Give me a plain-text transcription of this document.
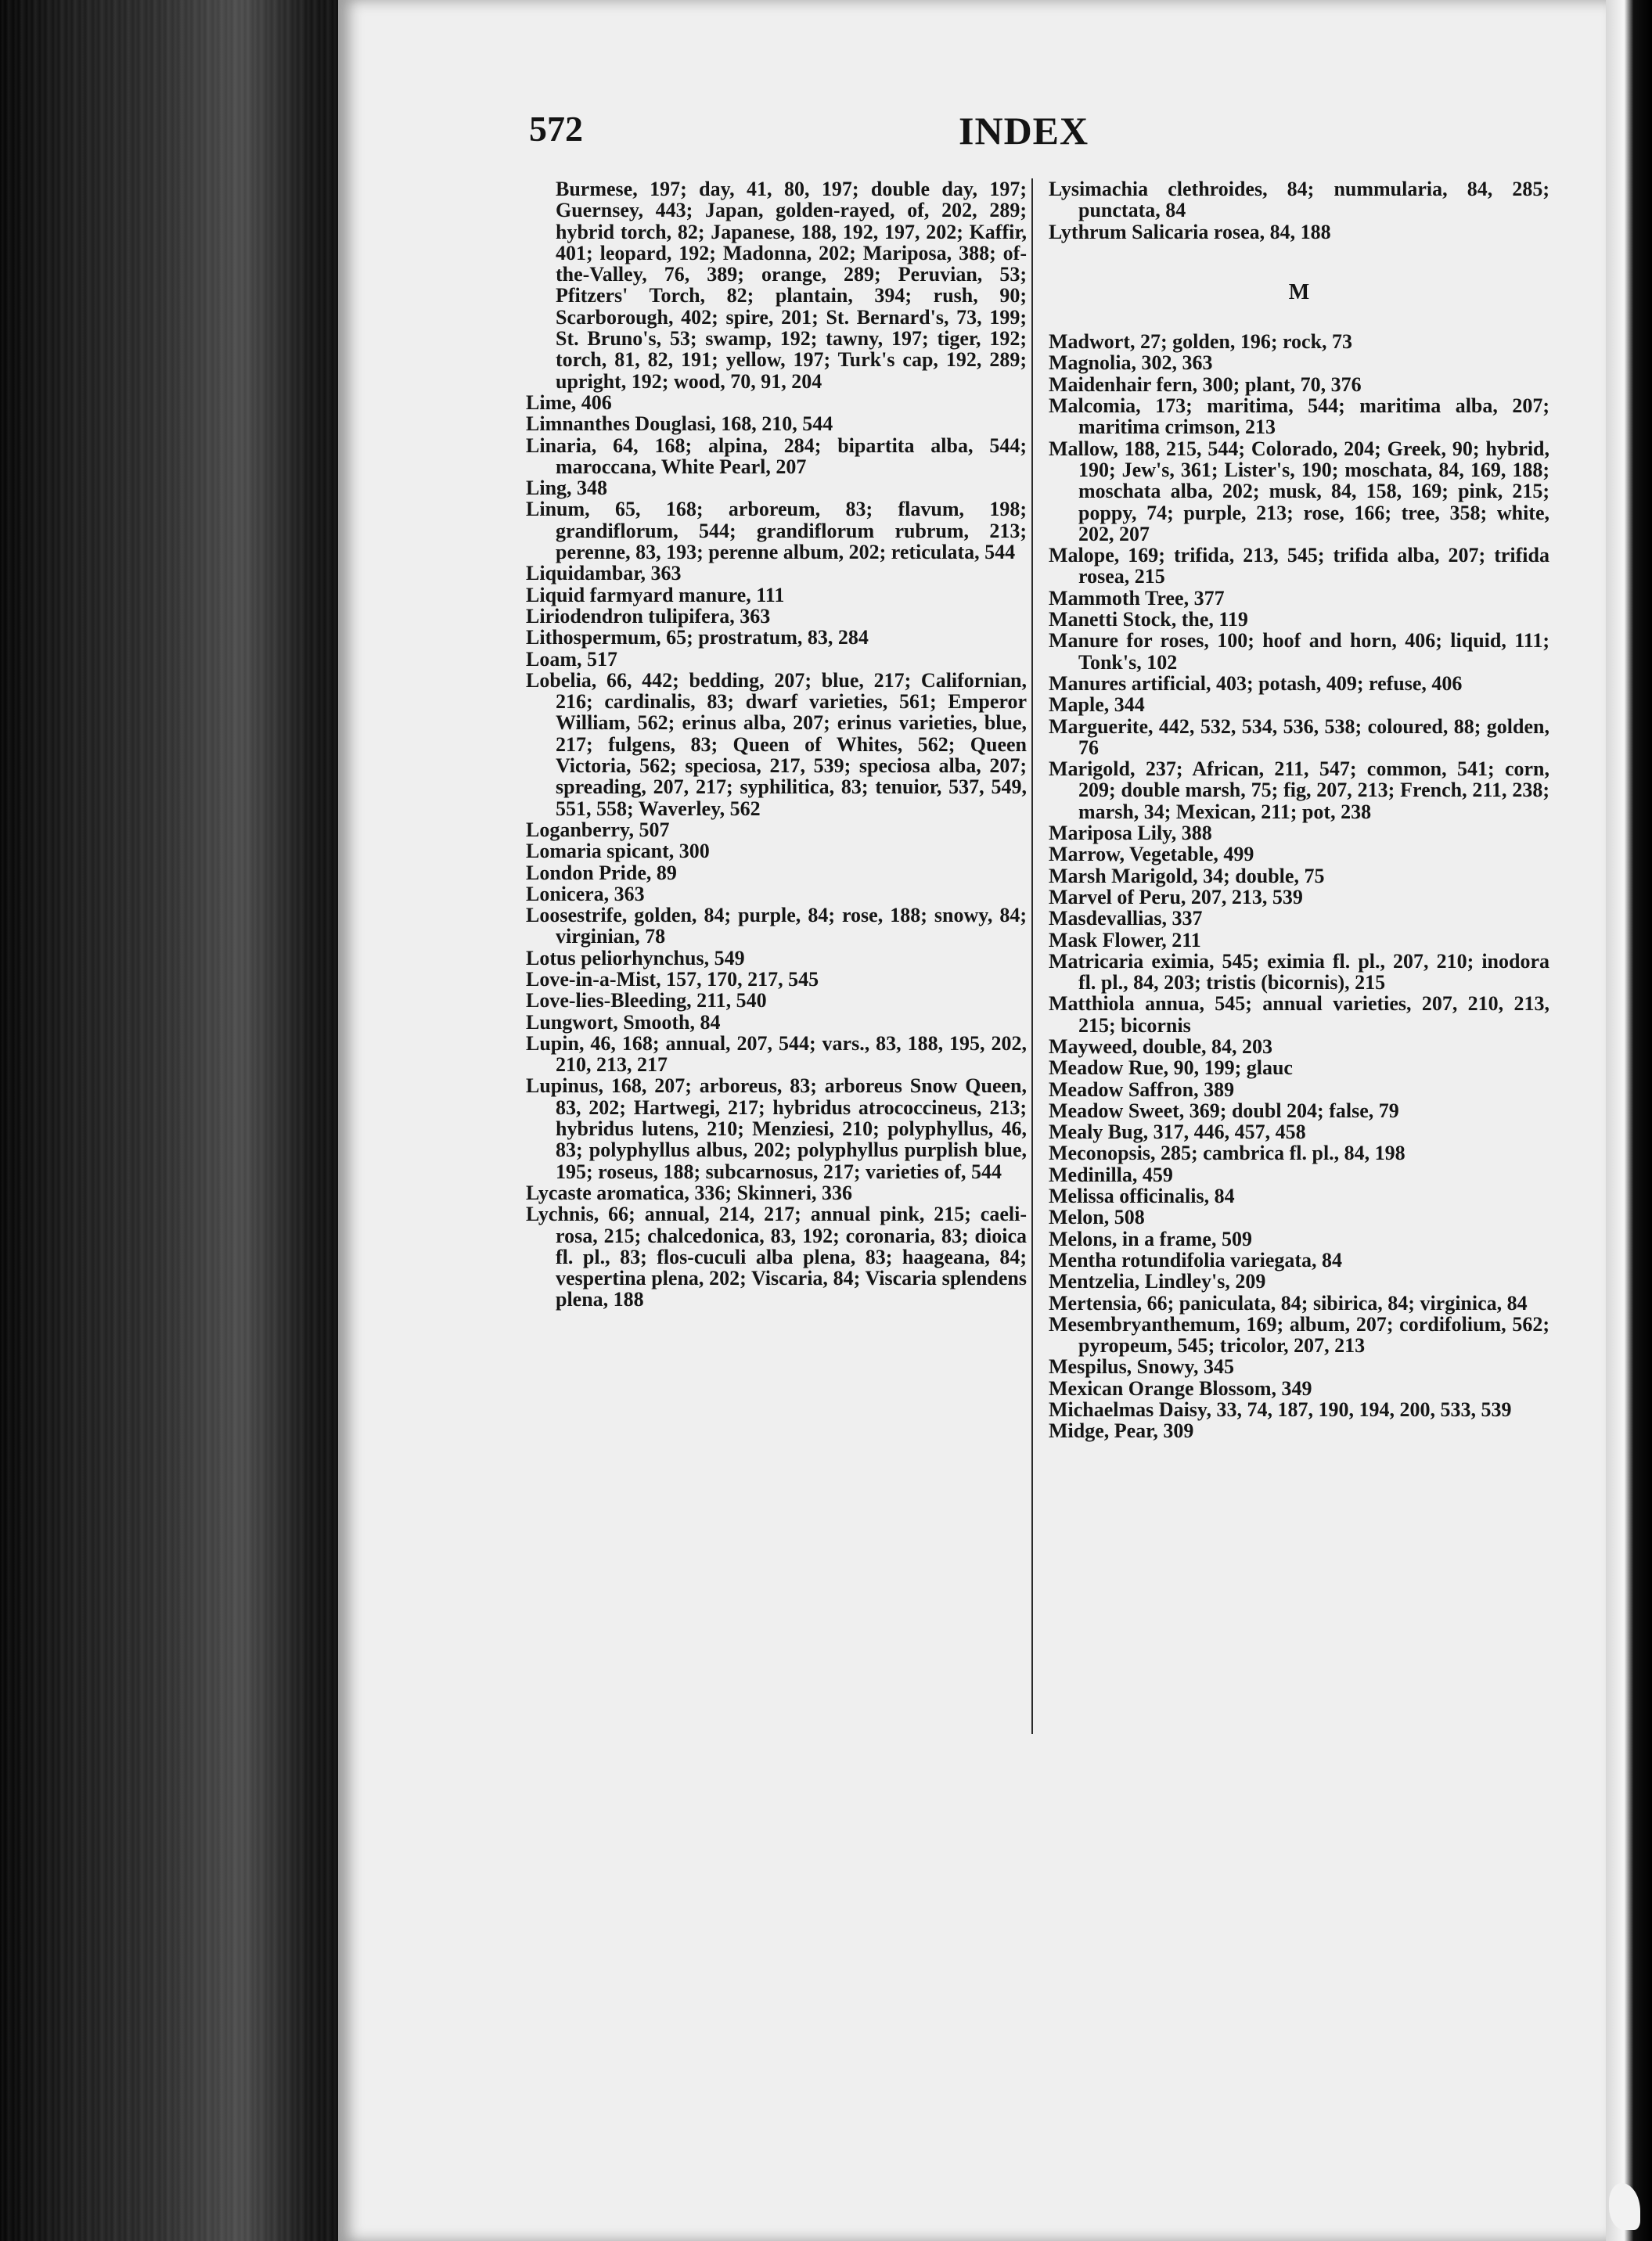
572	INDEX

Burmese, 197; day, 41, 80, 197; double day, 197; Guernsey, 443; Japan, golden-rayed, of, 202, 289; hybrid torch, 82; Japanese, 188, 192, 197, 202; Kaffir, 401; leopard, 192; Madonna, 202; Mariposa, 388; of-the-Valley, 76, 389; orange, 289; Peruvian, 53; Pfitzers' Torch, 82; plantain, 394; rush, 90; Scarborough, 402; spire, 201; St. Bernard's, 73, 199; St. Bruno's, 53; swamp, 192; tawny, 197; tiger, 192; torch, 81, 82, 191; yellow, 197; Turk's cap, 192, 289; upright, 192; wood, 70, 91, 204

Lime, 406

Limnanthes Douglasi, 168, 210, 544

Linaria, 64, 168; alpina, 284; bipartita alba, 544; maroccana, White Pearl, 207

Ling, 348

Linum, 65, 168; arboreum, 83; flavum, 198; grandiflorum, 544; grandiflorum rubrum, 213; perenne, 83, 193; perenne album, 202; reticulata, 544

Liquidambar, 363

Liquid farmyard manure, 111

Liriodendron tulipifera, 363

Lithospermum, 65; prostratum, 83, 284

Loam, 517

Lobelia, 66, 442; bedding, 207; blue, 217; Californian, 216; cardinalis, 83; dwarf varieties, 561; Emperor William, 562; erinus alba, 207; erinus varieties, blue, 217; fulgens, 83; Queen of Whites, 562; Queen Victoria, 562; speciosa, 217, 539; speciosa alba, 207; spreading, 207, 217; syphilitica, 83; tenuior, 537, 549, 551, 558; Waverley, 562

Loganberry, 507

Lomaria spicant, 300

London Pride, 89

Lonicera, 363

Loosestrife, golden, 84; purple, 84; rose, 188; snowy, 84; virginian, 78

Lotus peliorhynchus, 549

Love-in-a-Mist, 157, 170, 217, 545

Love-lies-Bleeding, 211, 540

Lungwort, Smooth, 84

Lupin, 46, 168; annual, 207, 544; vars., 83, 188, 195, 202, 210, 213, 217

Lupinus, 168, 207; arboreus, 83; arboreus Snow Queen, 83, 202; Hartwegi, 217; hybridus atrococcineus, 213; hybridus lutens, 210; Menziesi, 210; polyphyllus, 46, 83; polyphyllus albus, 202; polyphyllus purplish blue, 195; roseus, 188; subcarnosus, 217; varieties of, 544

Lycaste aromatica, 336; Skinneri, 336

Lychnis, 66; annual, 214, 217; annual pink, 215; caeli-rosa, 215; chalcedonica, 83, 192; coronaria, 83; dioica fl. pl., 83; flos-cuculi alba plena, 83; haageana, 84; vespertina plena, 202; Viscaria, 84; Viscaria splendens plena, 188

Lysimachia clethroides, 84; nummularia, 84, 285; punctata, 84

Lythrum Salicaria rosea, 84, 188

M

Madwort, 27; golden, 196; rock, 73

Magnolia, 302, 363

Maidenhair fern, 300; plant, 70, 376

Malcomia, 173; maritima, 544; maritima alba, 207; maritima crimson, 213

Mallow, 188, 215, 544; Colorado, 204; Greek, 90; hybrid, 190; Jew's, 361; Lister's, 190; moschata, 84, 169, 188; moschata alba, 202; musk, 84, 158, 169; pink, 215; poppy, 74; purple, 213; rose, 166; tree, 358; white, 202, 207

Malope, 169; trifida, 213, 545; trifida alba, 207; trifida rosea, 215

Mammoth Tree, 377

Manetti Stock, the, 119

Manure for roses, 100; hoof and horn, 406; liquid, 111; Tonk's, 102

Manures artificial, 403; potash, 409; refuse, 406

Maple, 344

Marguerite, 442, 532, 534, 536, 538; coloured, 88; golden, 76

Marigold, 237; African, 211, 547; common, 541; corn, 209; double marsh, 75; fig, 207, 213; French, 211, 238; marsh, 34; Mexican, 211; pot, 238

Mariposa Lily, 388

Marrow, Vegetable, 499

Marsh Marigold, 34; double, 75

Marvel of Peru, 207, 213, 539

Masdevallias, 337

Mask Flower, 211

Matricaria eximia, 545; eximia fl. pl., 207, 210; inodora fl. pl., 84, 203; tristis (bicornis), 215

Matthiola annua, 545; annual varieties, 207, 210, 213, 215; bicornis

Mayweed, double, 84, 203

Meadow Rue, 90, 199; glauc

Meadow Saffron, 389

Meadow Sweet, 369; doubl 204; false, 79

Mealy Bug, 317, 446, 457, 458

Meconopsis, 285; cambrica fl. pl., 84, 198

Medinilla, 459

Melissa officinalis, 84

Melon, 508

Melons, in a frame, 509

Mentha rotundifolia variegata, 84

Mentzelia, Lindley's, 209

Mertensia, 66; paniculata, 84; sibirica, 84; virginica, 84

Mesembryanthemum, 169; album, 207; cordifolium, 562; pyropeum, 545; tricolor, 207, 213

Mespilus, Snowy, 345

Mexican Orange Blossom, 349

Michaelmas Daisy, 33, 74, 187, 190, 194, 200, 533, 539

Midge, Pear, 309
